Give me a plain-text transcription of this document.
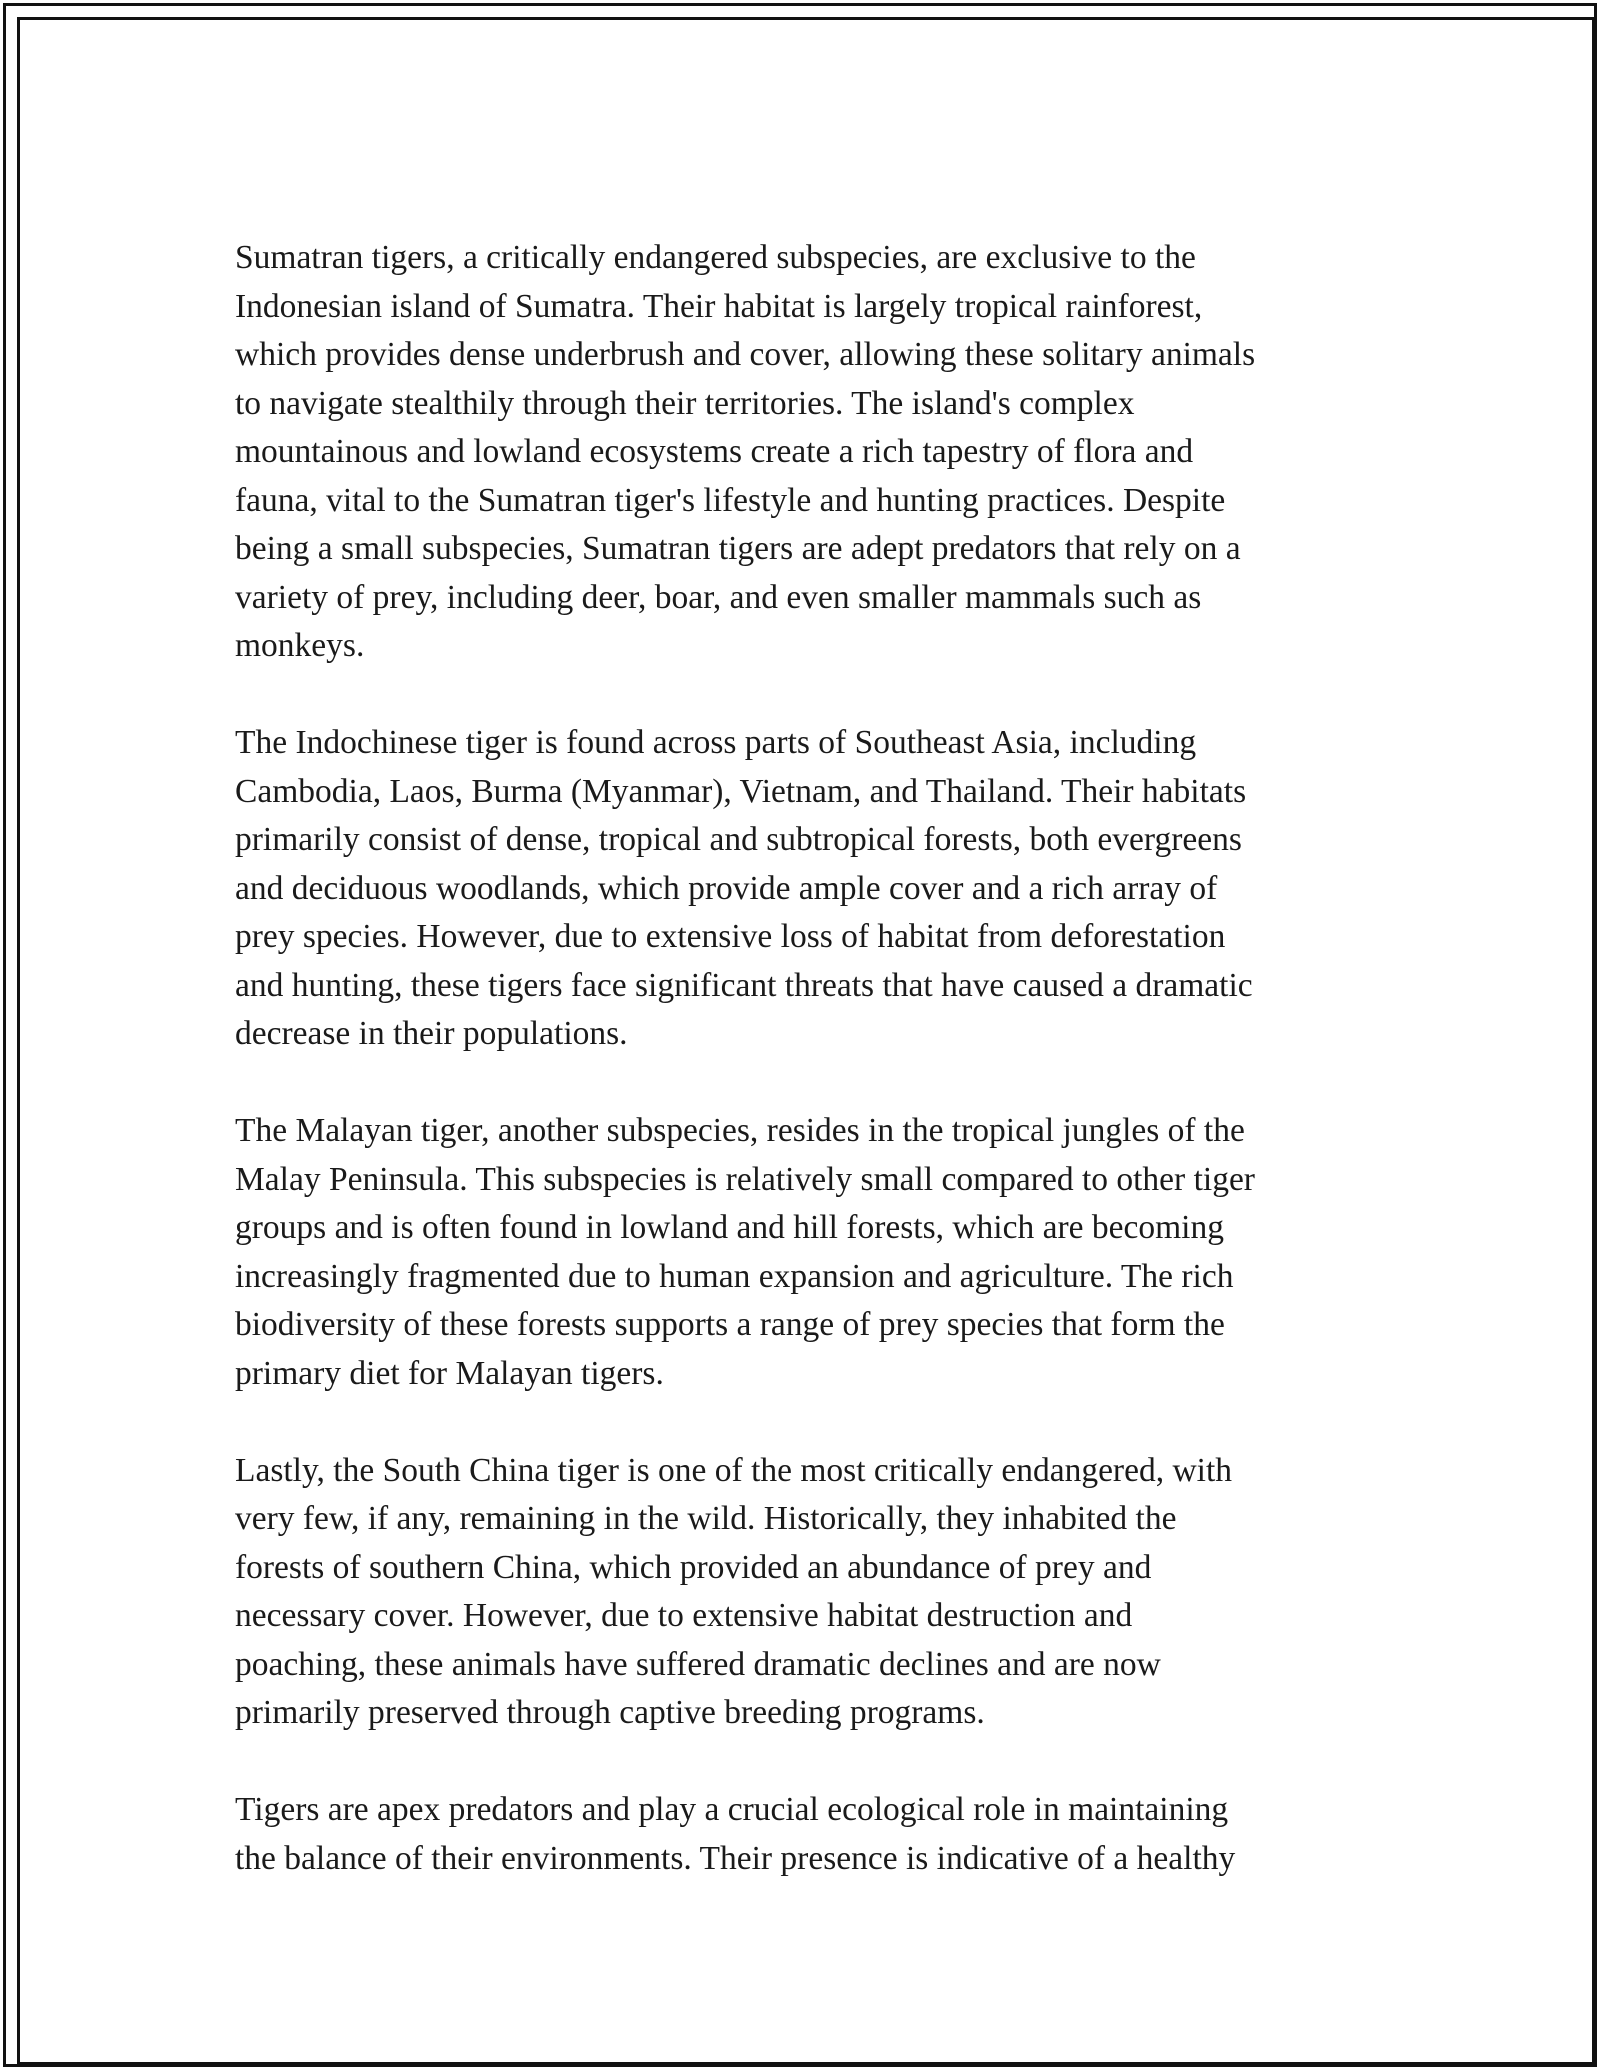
Sumatran tigers, a critically endangered subspecies, are exclusive to the
Indonesian island of Sumatra. Their habitat is largely tropical rainforest,
which provides dense underbrush and cover, allowing these solitary animals
to navigate stealthily through their territories. The island's complex
mountainous and lowland ecosystems create a rich tapestry of flora and
fauna, vital to the Sumatran tiger's lifestyle and hunting practices. Despite
being a small subspecies, Sumatran tigers are adept predators that rely on a
variety of prey, including deer, boar, and even smaller mammals such as
monkeys.

The Indochinese tiger is found across parts of Southeast Asia, including
Cambodia, Laos, Burma (Myanmar), Vietnam, and Thailand. Their habitats
primarily consist of dense, tropical and subtropical forests, both evergreens
and deciduous woodlands, which provide ample cover and a rich array of
prey species. However, due to extensive loss of habitat from deforestation
and hunting, these tigers face significant threats that have caused a dramatic
decrease in their populations.

The Malayan tiger, another subspecies, resides in the tropical jungles of the
Malay Peninsula. This subspecies is relatively small compared to other tiger
groups and is often found in lowland and hill forests, which are becoming
increasingly fragmented due to human expansion and agriculture. The rich
biodiversity of these forests supports a range of prey species that form the
primary diet for Malayan tigers.

Lastly, the South China tiger is one of the most critically endangered, with
very few, if any, remaining in the wild. Historically, they inhabited the
forests of southern China, which provided an abundance of prey and
necessary cover. However, due to extensive habitat destruction and
poaching, these animals have suffered dramatic declines and are now
primarily preserved through captive breeding programs.

Tigers are apex predators and play a crucial ecological role in maintaining
the balance of their environments. Their presence is indicative of a healthy
